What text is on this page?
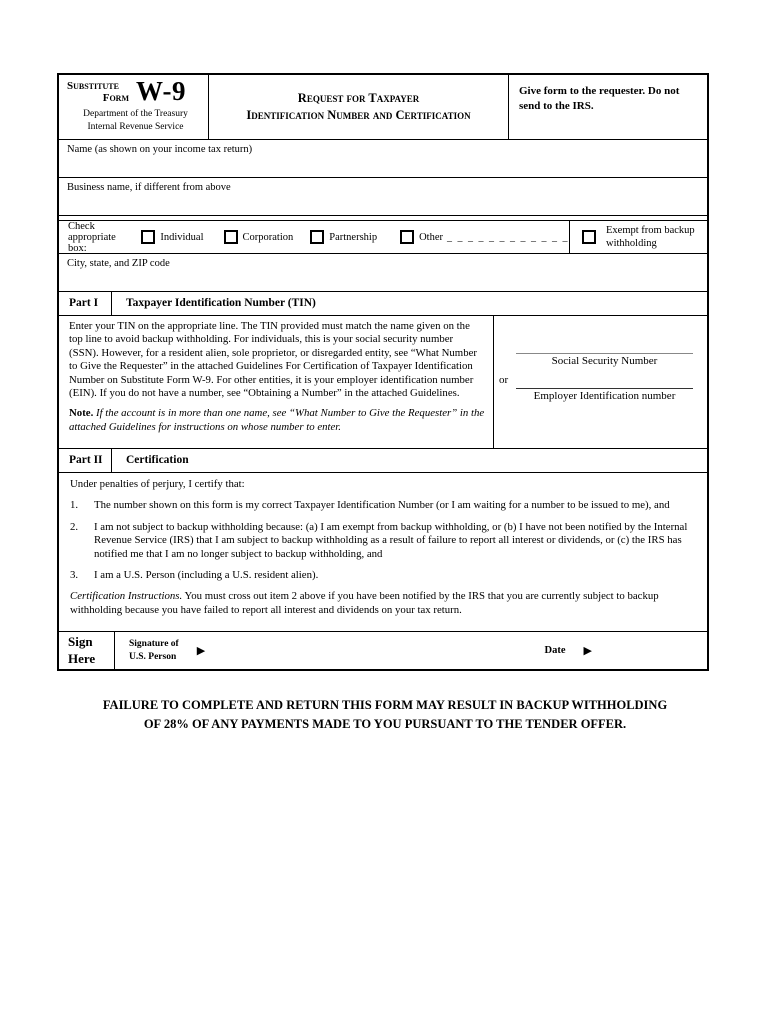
Substitute
Form W-9
Department of the Treasury
Internal Revenue Service
Request for Taxpayer
Identification Number and Certification
Give form to the requester. Do not send to the IRS.
Name (as shown on your income tax return)
Business name, if different from above
Check appropriate box:
Individual	Corporation	Partnership	Other _ _ _ _ _ _ _ _ _ _ _ _
Exempt from backup withholding
City, state, and ZIP code
Part I	Taxpayer Identification Number (TIN)
Enter your TIN on the appropriate line. The TIN provided must match the name given on the top line to avoid backup withholding. For individuals, this is your social security number (SSN). However, for a resident alien, sole proprietor, or disregarded entity, see “What Number to Give the Requester” in the attached Guidelines For Certification of Taxpayer Identification Number on Substitute Form W-9. For other entities, it is your employer identification number (EIN). If you do not have a number, see “Obtaining a Number” in the attached Guidelines.
Note. If the account is in more than one name, see “What Number to Give the Requester” in the attached Guidelines for instructions on whose number to enter.
or
Social Security Number
Employer Identification number
Part II	Certification
Under penalties of perjury, I certify that:
1.	The number shown on this form is my correct Taxpayer Identification Number (or I am waiting for a number to be issued to me), and
2.	I am not subject to backup withholding because: (a) I am exempt from backup withholding, or (b) I have not been notified by the Internal Revenue Service (IRS) that I am subject to backup withholding as a result of failure to report all interest or dividends, or (c) the IRS has notified me that I am no longer subject to backup withholding, and
3.	I am a U.S. Person (including a U.S. resident alien).
Certification Instructions. You must cross out item 2 above if you have been notified by the IRS that you are currently subject to backup withholding because you have failed to report all interest and dividends on your tax return.
Sign
Here
Signature of
U.S. Person ▶	Date ▶
FAILURE TO COMPLETE AND RETURN THIS FORM MAY RESULT IN BACKUP WITHHOLDING
OF 28% OF ANY PAYMENTS MADE TO YOU PURSUANT TO THE TENDER OFFER.
